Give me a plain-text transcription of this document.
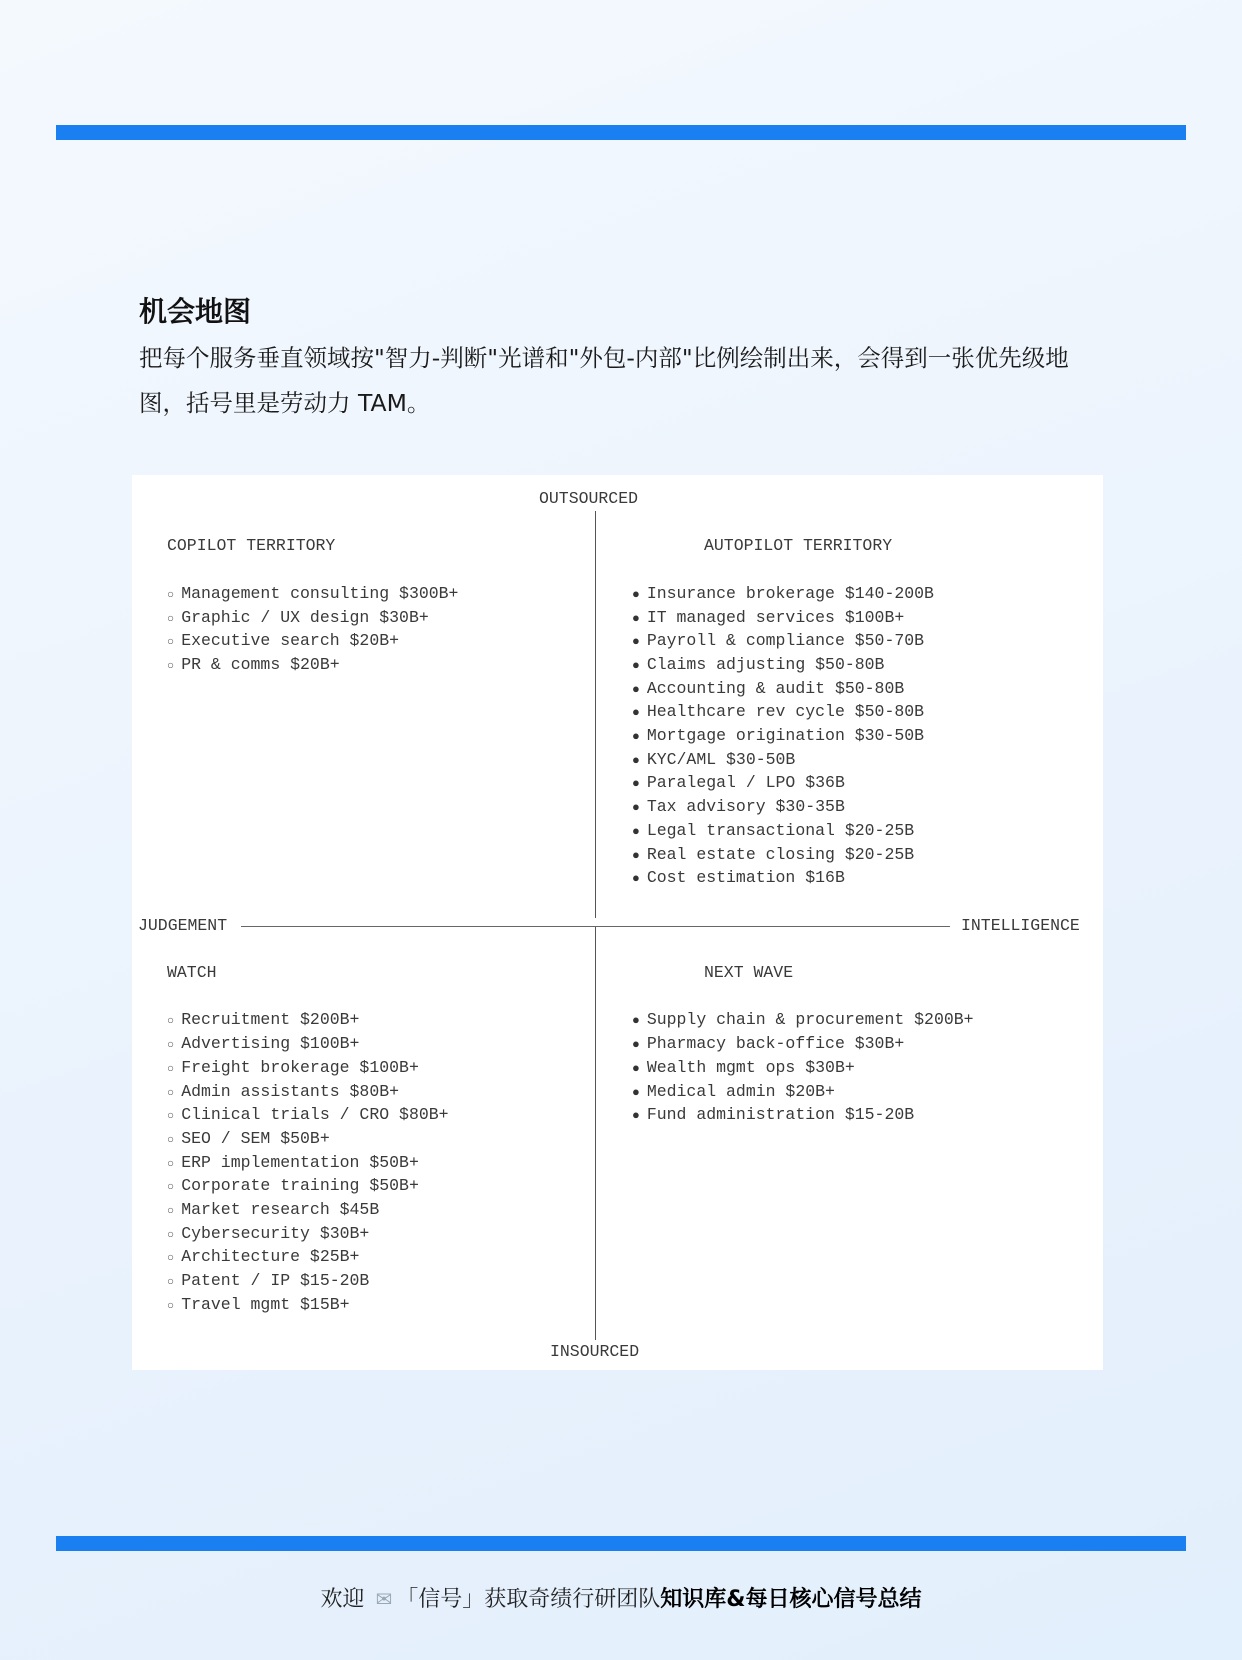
机会地图
把每个服务垂直领域按"智力-判断"光谱和"外包-内部"比例绘制出来，会得到一张优先级地图，括号里是劳动力 TAM。
OUTSOURCED
INSOURCED
JUDGEMENT	INTELLIGENCE
COPILOT TERRITORY
○ Management consulting $300B+
○ Graphic / UX design $30B+
○ Executive search $20B+
○ PR & comms $20B+
AUTOPILOT TERRITORY
● Insurance brokerage $140-200B
● IT managed services $100B+
● Payroll & compliance $50-70B
● Claims adjusting $50-80B
● Accounting & audit $50-80B
● Healthcare rev cycle $50-80B
● Mortgage origination $30-50B
● KYC/AML $30-50B
● Paralegal / LPO $36B
● Tax advisory $30-35B
● Legal transactional $20-25B
● Real estate closing $20-25B
● Cost estimation $16B
WATCH
○ Recruitment $200B+
○ Advertising $100B+
○ Freight brokerage $100B+
○ Admin assistants $80B+
○ Clinical trials / CRO $80B+
○ SEO / SEM $50B+
○ ERP implementation $50B+
○ Corporate training $50B+
○ Market research $45B
○ Cybersecurity $30B+
○ Architecture $25B+
○ Patent / IP $15-20B
○ Travel mgmt $15B+
NEXT WAVE
● Supply chain & procurement $200B+
● Pharmacy back-office $30B+
● Wealth mgmt ops $30B+
● Medical admin $20B+
● Fund administration $15-20B
欢迎 ✉ 「信号」获取奇绩行研团队知识库&每日核心信号总结
